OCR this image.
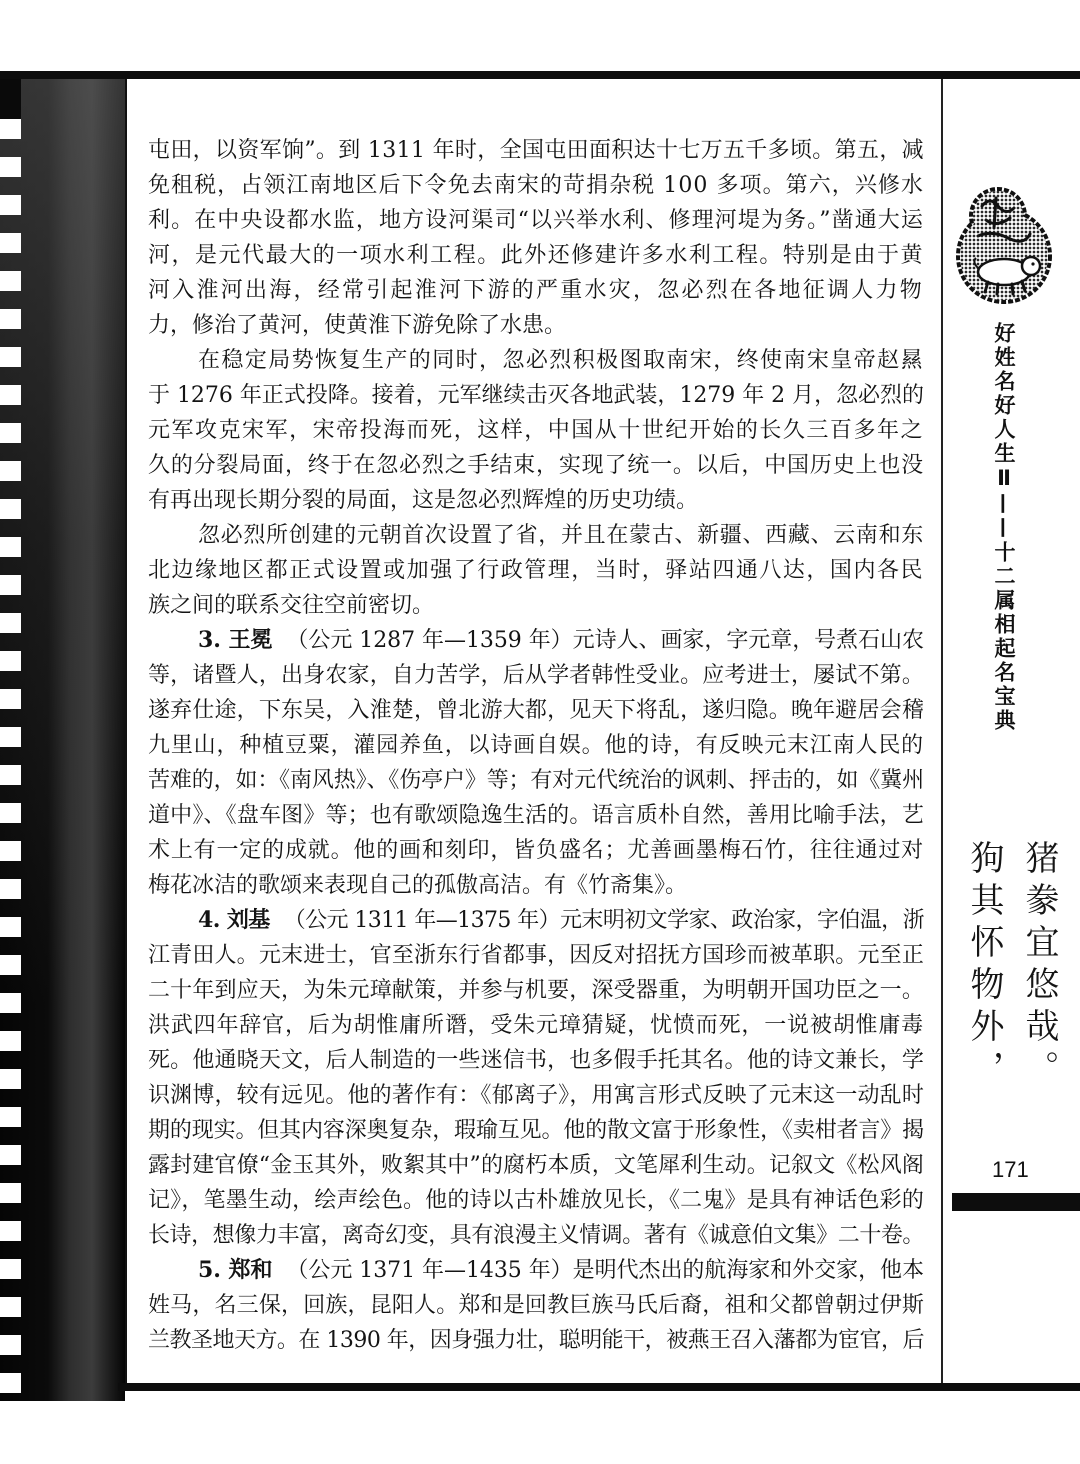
屯田，以资军饷”。到 1311 年时，全国屯田面积达十七万五千多顷。第五，减
免租税，占领江南地区后下令免去南宋的苛捐杂税 100 多项。第六，兴修水
利。在中央设都水监，地方设河渠司“以兴举水利、修理河堤为务。”凿通大运
河，是元代最大的一项水利工程。此外还修建许多水利工程。特别是由于黄
河入淮河出海，经常引起淮河下游的严重水灾，忽必烈在各地征调人力物
力，修治了黄河，使黄淮下游免除了水患。
在稳定局势恢复生产的同时，忽必烈积极图取南宋，终使南宋皇帝赵㬎
于 1276 年正式投降。接着，元军继续击灭各地武装，1279 年 2 月，忽必烈的
元军攻克宋军，宋帝投海而死，这样，中国从十世纪开始的长久三百多年之
久的分裂局面，终于在忽必烈之手结束，实现了统一。以后，中国历史上也没
有再出现长期分裂的局面，这是忽必烈辉煌的历史功绩。
忽必烈所创建的元朝首次设置了省，并且在蒙古、新疆、西藏、云南和东
北边缘地区都正式设置或加强了行政管理，当时，驿站四通八达，国内各民
族之间的联系交往空前密切。
3. 王冕 （公元 1287 年—1359 年）元诗人、画家，字元章，号煮石山农
等，诸暨人，出身农家，自力苦学，后从学者韩性受业。应考进士，屡试不第。
遂弃仕途，下东吴，入淮楚，曾北游大都，见天下将乱，遂归隐。晚年避居会稽
九里山，种植豆粟，灌园养鱼，以诗画自娱。他的诗，有反映元末江南人民的
苦难的，如：《南风热》、《伤亭户》等；有对元代统治的讽刺、抨击的，如《冀州
道中》、《盘车图》等；也有歌颂隐逸生活的。语言质朴自然，善用比喻手法，艺
术上有一定的成就。他的画和刻印，皆负盛名；尤善画墨梅石竹，往往通过对
梅花冰洁的歌颂来表现自己的孤傲高洁。有《竹斋集》。
4. 刘基 （公元 1311 年—1375 年）元末明初文学家、政治家，字伯温，浙
江青田人。元末进士，官至浙东行省都事，因反对招抚方国珍而被革职。元至正
二十年到应天，为朱元璋献策，并参与机要，深受器重，为明朝开国功臣之一。
洪武四年辞官，后为胡惟庸所谮，受朱元璋猜疑，忧愤而死，一说被胡惟庸毒
死。他通晓天文，后人制造的一些迷信书，也多假手托其名。他的诗文兼长，学
识渊博，较有远见。他的著作有：《郁离子》，用寓言形式反映了元末这一动乱时
期的现实。但其内容深奥复杂，瑕瑜互见。他的散文富于形象性，《卖柑者言》揭
露封建官僚“金玉其外，败絮其中”的腐朽本质，文笔犀利生动。记叙文《松风阁
记》，笔墨生动，绘声绘色。他的诗以古朴雄放见长，《二鬼》是具有神话色彩的
长诗，想像力丰富，离奇幻变，具有浪漫主义情调。著有《诚意伯文集》二十卷。
5. 郑和 （公元 1371 年—1435 年）是明代杰出的航海家和外交家，他本
姓马，名三保，回族，昆阳人。郑和是回教巨族马氏后裔，祖和父都曾朝过伊斯
兰教圣地天方。在 1390 年，因身强力壮，聪明能干，被燕王召入藩都为宦官，后
好姓名好人生Ⅱ——十二属相起名宝典
猪豢宜悠哉。
狗其怀物外，
171
